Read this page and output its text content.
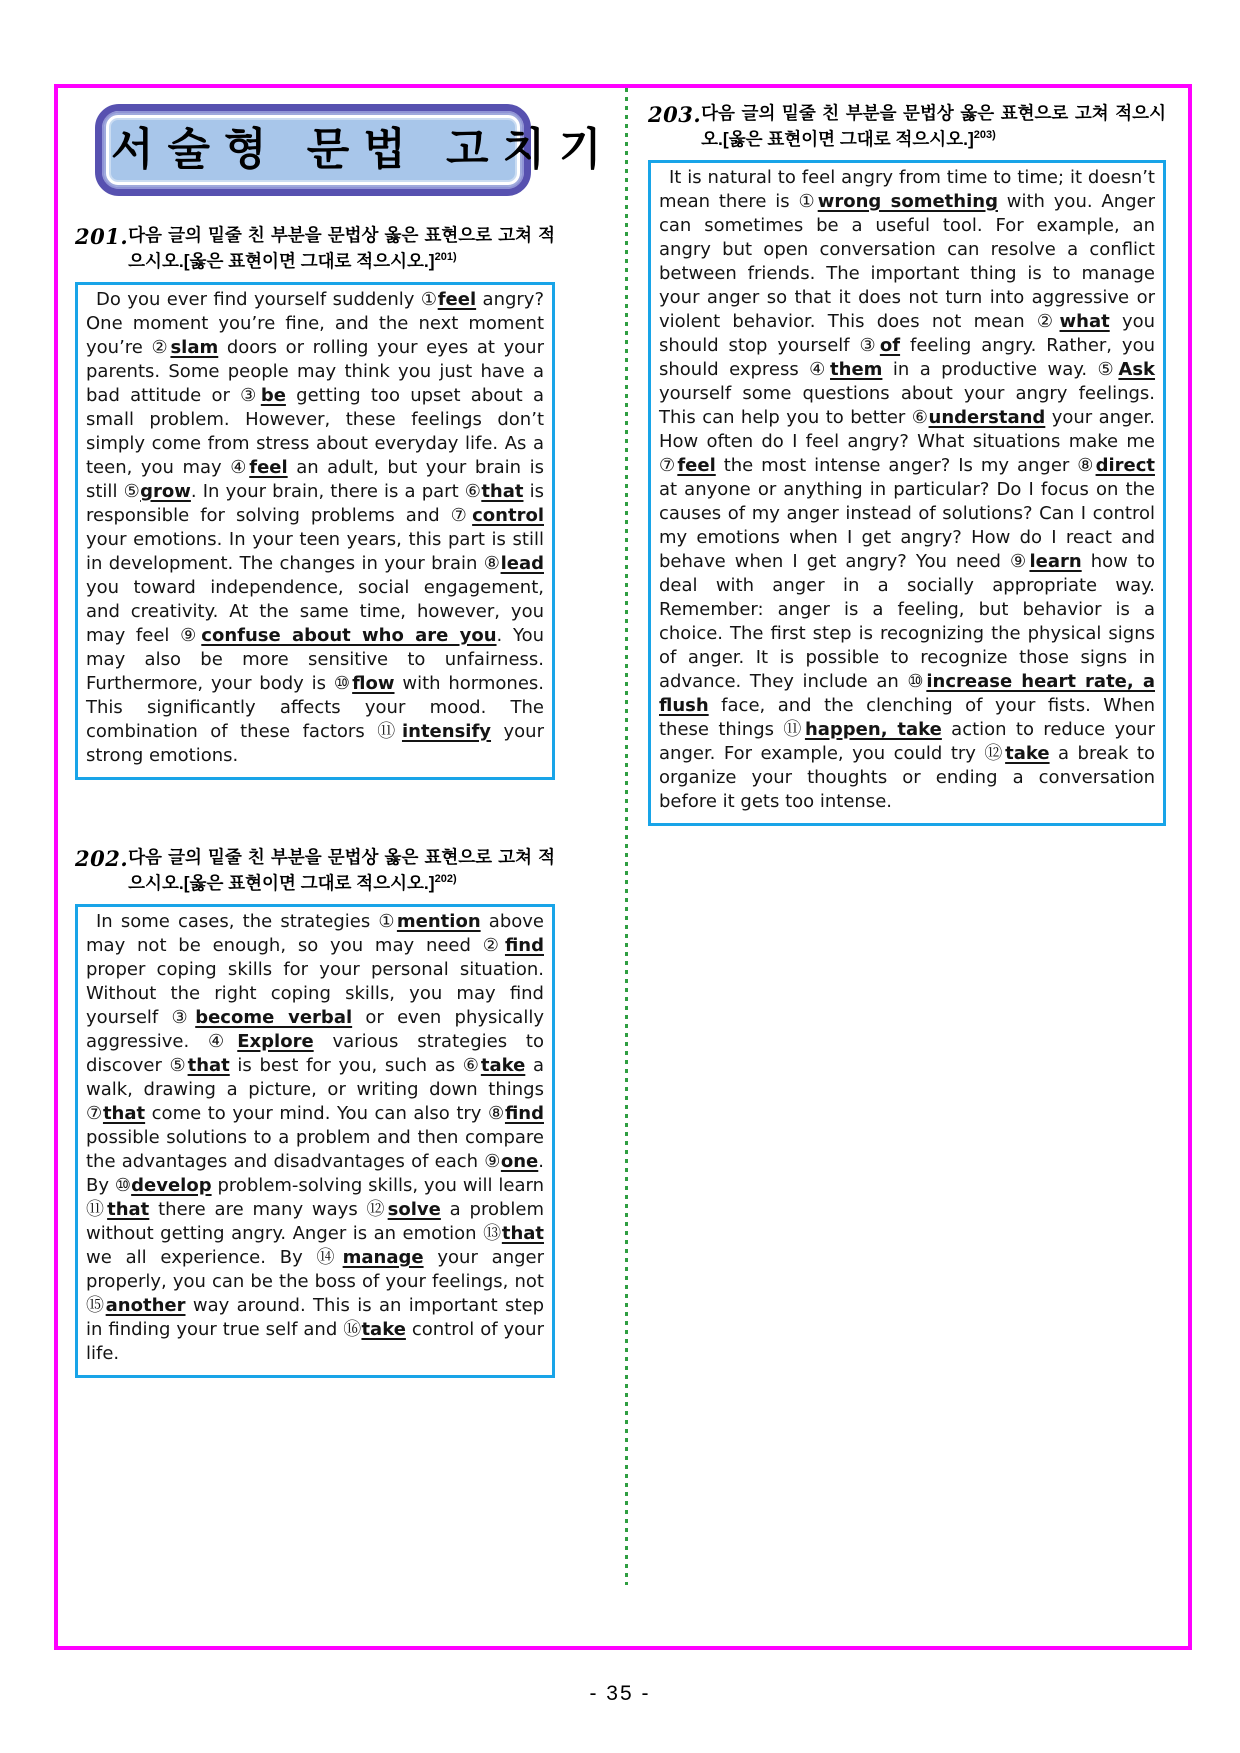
서술형 문법 고치기
201. 다음 글의 밑줄 친 부분을 문법상 옳은 표현으로 고쳐 적으시오.[옳은 표현이면 그대로 적으시오.]$^{201)}$
Do you ever find yourself suddenly ①feel angry? One moment you’re fine, and the next moment you’re ②slam doors or rolling your eyes at your parents. Some people may think you just have a bad attitude or ③be getting too upset about a small problem. However, these feelings don’t simply come from stress about everyday life. As a teen, you may ④feel an adult, but your brain is still ⑤grow. In your brain, there is a part ⑥that is responsible for solving problems and ⑦control your emotions. In your teen years, this part is still in development. The changes in your brain ⑧lead you toward independence, social engagement, and creativity. At the same time, however, you may feel ⑨confuse about who are you. You may also be more sensitive to unfairness. Furthermore, your body is ⑩flow with hormones. This significantly affects your mood. The combination of these factors ⑪intensify your strong emotions.
202. 다음 글의 밑줄 친 부분을 문법상 옳은 표현으로 고쳐 적으시오.[옳은 표현이면 그대로 적으시오.]$^{202)}$
In some cases, the strategies ①mention above may not be enough, so you may need ②find proper coping skills for your personal situation. Without the right coping skills, you may find yourself ③become verbal or even physically aggressive. ④Explore various strategies to discover ⑤that is best for you, such as ⑥take a walk, drawing a picture, or writing down things ⑦that come to your mind. You can also try ⑧find possible solutions to a problem and then compare the advantages and disadvantages of each ⑨one. By ⑩develop problem-solving skills, you will learn ⑪that there are many ways ⑫solve a problem without getting angry. Anger is an emotion ⑬that we all experience. By ⑭manage your anger properly, you can be the boss of your feelings, not ⑮another way around. This is an important step in finding your true self and ⑯take control of your life.
203. 다음 글의 밑줄 친 부분을 문법상 옳은 표현으로 고쳐 적으시오.[옳은 표현이면 그대로 적으시오.]$^{203)}$
It is natural to feel angry from time to time; it doesn’t mean there is ①wrong something with you. Anger can sometimes be a useful tool. For example, an angry but open conversation can resolve a conflict between friends. The important thing is to manage your anger so that it does not turn into aggressive or violent behavior. This does not mean ②what you should stop yourself ③of feeling angry. Rather, you should express ④them in a productive way. ⑤Ask yourself some questions about your angry feelings. This can help you to better ⑥understand your anger. How often do I feel angry? What situations make me ⑦feel the most intense anger? Is my anger ⑧direct at anyone or anything in particular? Do I focus on the causes of my anger instead of solutions? Can I control my emotions when I get angry? How do I react and behave when I get angry? You need ⑨learn how to deal with anger in a socially appropriate way. Remember: anger is a feeling, but behavior is a choice. The first step is recognizing the physical signs of anger. It is possible to recognize those signs in advance. They include an ⑩increase heart rate, a flush face, and the clenching of your fists. When these things ⑪happen, take action to reduce your anger. For example, you could try ⑫take a break to organize your thoughts or ending a conversation before it gets too intense.
- 35 -
